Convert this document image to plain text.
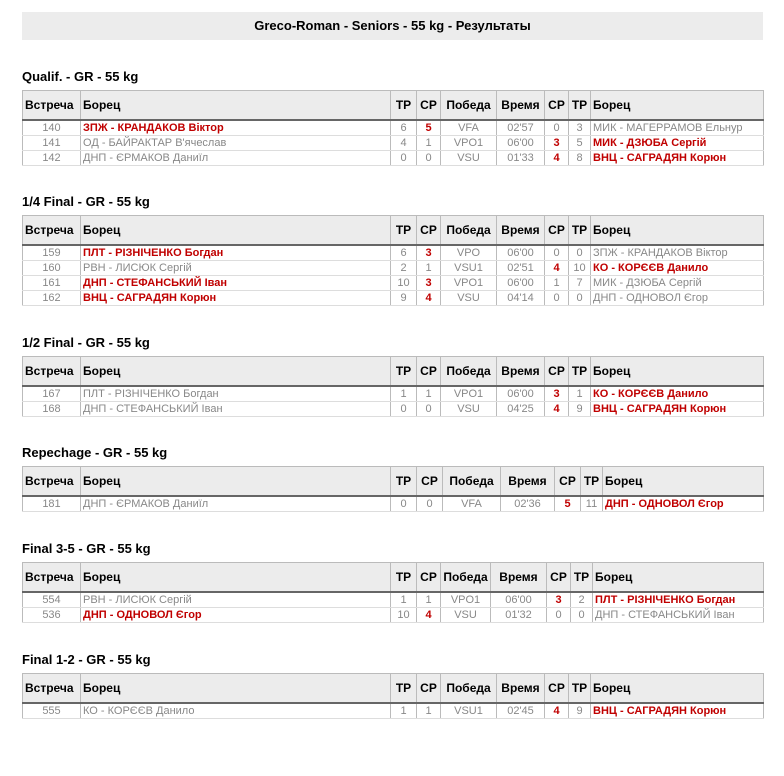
Greco-Roman - Seniors - 55 kg - Результаты
Qualif. - GR - 55 kg
Встреча	Борец	TP	CP	Победа	Время	CP	TP	Борец
140	ЗПЖ - КРАНДАКОВ Віктор	6	5	VFA	02'57	0	3	МИК - МАГЕРРАМОВ Ельнур
141	ОД - БАЙРАКТАР В'ячеслав	4	1	VPO1	06'00	3	5	МИК - ДЗЮБА Сергій
142	ДНП - ЄРМАКОВ Даниїл	0	0	VSU	01'33	4	8	ВНЦ - САГРАДЯН Корюн
1/4 Final - GR - 55 kg
Встреча	Борец	TP	CP	Победа	Время	CP	TP	Борец
159	ПЛТ - РІЗНІЧЕНКО Богдан	6	3	VPO	06'00	0	0	ЗПЖ - КРАНДАКОВ Віктор
160	РВН - ЛИСЮК Сергій	2	1	VSU1	02'51	4	10	КО - КОРЄЄВ Данило
161	ДНП - СТЕФАНСЬКИЙ Іван	10	3	VPO1	06'00	1	7	МИК - ДЗЮБА Сергій
162	ВНЦ - САГРАДЯН Корюн	9	4	VSU	04'14	0	0	ДНП - ОДНОВОЛ Єгор
1/2 Final - GR - 55 kg
Встреча	Борец	TP	CP	Победа	Время	CP	TP	Борец
167	ПЛТ - РІЗНІЧЕНКО Богдан	1	1	VPO1	06'00	3	1	КО - КОРЄЄВ Данило
168	ДНП - СТЕФАНСЬКИЙ Іван	0	0	VSU	04'25	4	9	ВНЦ - САГРАДЯН Корюн
Repechage - GR - 55 kg
Встреча	Борец	TP	CP	Победа	Время	CP	TP	Борец
181	ДНП - ЄРМАКОВ Даниїл	0	0	VFA	02'36	5	11	ДНП - ОДНОВОЛ Єгор
Final 3-5 - GR - 55 kg
Встреча	Борец	TP	CP	Победа	Время	CP	TP	Борец
554	РВН - ЛИСЮК Сергій	1	1	VPO1	06'00	3	2	ПЛТ - РІЗНІЧЕНКО Богдан
536	ДНП - ОДНОВОЛ Єгор	10	4	VSU	01'32	0	0	ДНП - СТЕФАНСЬКИЙ Іван
Final 1-2 - GR - 55 kg
Встреча	Борец	TP	CP	Победа	Время	CP	TP	Борец
555	КО - КОРЄЄВ Данило	1	1	VSU1	02'45	4	9	ВНЦ - САГРАДЯН Корюн
